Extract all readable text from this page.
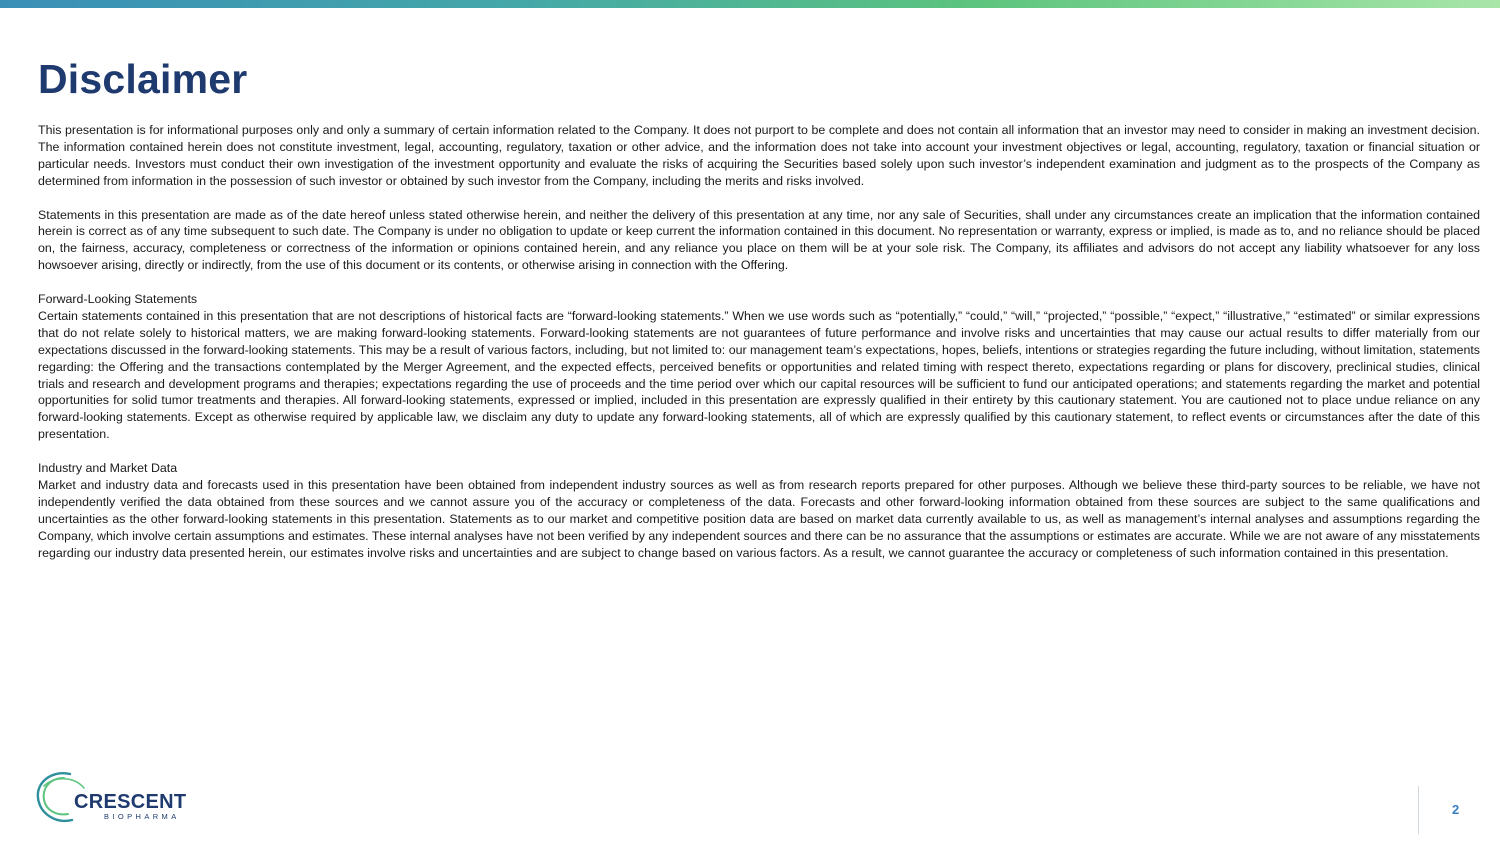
Disclaimer

This presentation is for informational purposes only and only a summary of certain information related to the Company. It does not purport to be complete and does not contain all information that an investor may need to consider in making an investment decision. The information contained herein does not constitute investment, legal, accounting, regulatory, taxation or other advice, and the information does not take into account your investment objectives or legal, accounting, regulatory, taxation or financial situation or particular needs. Investors must conduct their own investigation of the investment opportunity and evaluate the risks of acquiring the Securities based solely upon such investor’s independent examination and judgment as to the prospects of the Company as determined from information in the possession of such investor or obtained by such investor from the Company, including the merits and risks involved.

Statements in this presentation are made as of the date hereof unless stated otherwise herein, and neither the delivery of this presentation at any time, nor any sale of Securities, shall under any circumstances create an implication that the information contained herein is correct as of any time subsequent to such date. The Company is under no obligation to update or keep current the information contained in this document. No representation or warranty, express or implied, is made as to, and no reliance should be placed on, the fairness, accuracy, completeness or correctness of the information or opinions contained herein, and any reliance you place on them will be at your sole risk. The Company, its affiliates and advisors do not accept any liability whatsoever for any loss howsoever arising, directly or indirectly, from the use of this document or its contents, or otherwise arising in connection with the Offering.

Forward-Looking Statements

Certain statements contained in this presentation that are not descriptions of historical facts are “forward-looking statements.” When we use words such as “potentially,” “could,” “will,” “projected,” “possible,” “expect,” “illustrative,” “estimated” or similar expressions that do not relate solely to historical matters, we are making forward-looking statements. Forward-looking statements are not guarantees of future performance and involve risks and uncertainties that may cause our actual results to differ materially from our expectations discussed in the forward-looking statements. This may be a result of various factors, including, but not limited to: our management team’s expectations, hopes, beliefs, intentions or strategies regarding the future including, without limitation, statements regarding: the Offering and the transactions contemplated by the Merger Agreement, and the expected effects, perceived benefits or opportunities and related timing with respect thereto, expectations regarding or plans for discovery, preclinical studies, clinical trials and research and development programs and therapies; expectations regarding the use of proceeds and the time period over which our capital resources will be sufficient to fund our anticipated operations; and statements regarding the market and potential opportunities for solid tumor treatments and therapies. All forward-looking statements, expressed or implied, included in this presentation are expressly qualified in their entirety by this cautionary statement. You are cautioned not to place undue reliance on any forward-looking statements. Except as otherwise required by applicable law, we disclaim any duty to update any forward-looking statements, all of which are expressly qualified by this cautionary statement, to reflect events or circumstances after the date of this presentation.

Industry and Market Data

Market and industry data and forecasts used in this presentation have been obtained from independent industry sources as well as from research reports prepared for other purposes. Although we believe these third-party sources to be reliable, we have not independently verified the data obtained from these sources and we cannot assure you of the accuracy or completeness of the data. Forecasts and other forward-looking information obtained from these sources are subject to the same qualifications and uncertainties as the other forward-looking statements in this presentation. Statements as to our market and competitive position data are based on market data currently available to us, as well as management’s internal analyses and assumptions regarding the Company, which involve certain assumptions and estimates. These internal analyses have not been verified by any independent sources and there can be no assurance that the assumptions or estimates are accurate. While we are not aware of any misstatements regarding our industry data presented herein, our estimates involve risks and uncertainties and are subject to change based on various factors. As a result, we cannot guarantee the accuracy or completeness of such information contained in this presentation.

CRESCENT
BIOPHARMA	2
